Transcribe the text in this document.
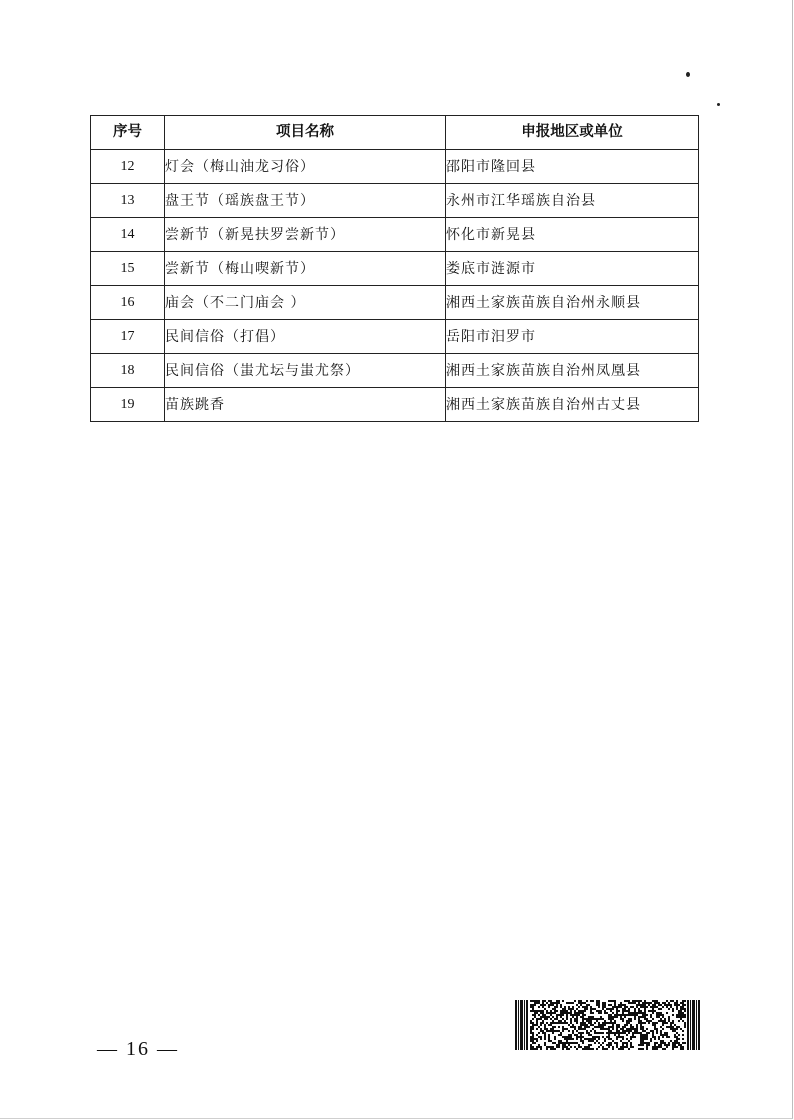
序号	项目名称	申报地区或单位
12	灯会（梅山油龙习俗）	邵阳市隆回县
13	盘王节（瑶族盘王节）	永州市江华瑶族自治县
14	尝新节（新晃扶罗尝新节）	怀化市新晃县
15	尝新节（梅山喫新节）	娄底市涟源市
16	庙会（不二门庙会 ）	湘西土家族苗族自治州永顺县
17	民间信俗（打倡）	岳阳市汨罗市
18	民间信俗（蚩尤坛与蚩尤祭）	湘西土家族苗族自治州凤凰县
19	苗族跳香	湘西土家族苗族自治州古丈县
— 16 —
